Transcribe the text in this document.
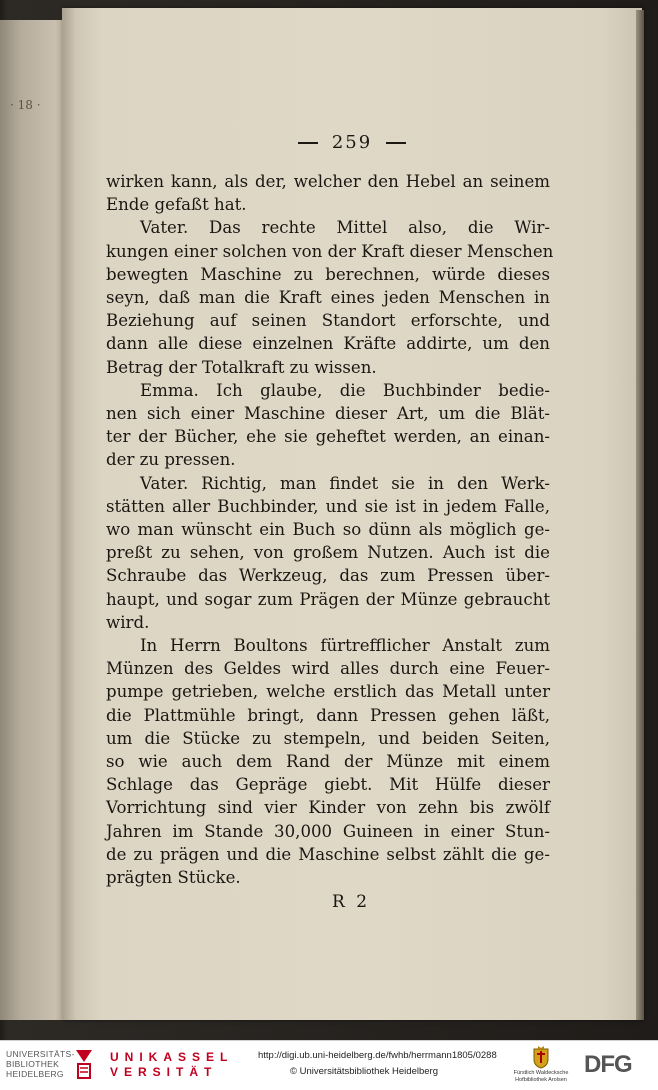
· 18 ·
259
wirken kann, als der, welcher den Hebel an seinem
Ende gefaßt hat.
Vater. Das rechte Mittel also, die Wir-
kungen einer solchen von der Kraft dieser Menschen
bewegten Maschine zu berechnen, würde dieses
seyn, daß man die Kraft eines jeden Menschen in
Beziehung auf seinen Standort erforschte, und
dann alle diese einzelnen Kräfte addirte, um den
Betrag der Totalkraft zu wissen.
Emma. Ich glaube, die Buchbinder bedie-
nen sich einer Maschine dieser Art, um die Blät-
ter der Bücher, ehe sie geheftet werden, an einan-
der zu pressen.
Vater. Richtig, man findet sie in den Werk-
stätten aller Buchbinder, und sie ist in jedem Falle,
wo man wünscht ein Buch so dünn als möglich ge-
preßt zu sehen, von großem Nutzen. Auch ist die
Schraube das Werkzeug, das zum Pressen über-
haupt, und sogar zum Prägen der Münze gebraucht
wird.
In Herrn Boultons fürtrefflicher Anstalt zum
Münzen des Geldes wird alles durch eine Feuer-
pumpe getrieben, welche erstlich das Metall unter
die Plattmühle bringt, dann Pressen gehen läßt,
um die Stücke zu stempeln, und beiden Seiten,
so wie auch dem Rand der Münze mit einem
Schlage das Gepräge giebt. Mit Hülfe dieser
Vorrichtung sind vier Kinder von zehn bis zwölf
Jahren im Stande 30,000 Guineen in einer Stun-
de zu prägen und die Maschine selbst zählt die ge-
prägten Stücke.
R 2
UNIVERSITÄTS-
BIBLIOTHEK
HEIDELBERG
UNIKASSEL
VERSITÄT
http://digi.ub.uni-heidelberg.de/fwhb/herrmann1805/0288
© Universitätsbibliothek Heidelberg	Fürstlich Waldecksche
Hofbibliothek Arolsen
DFG
